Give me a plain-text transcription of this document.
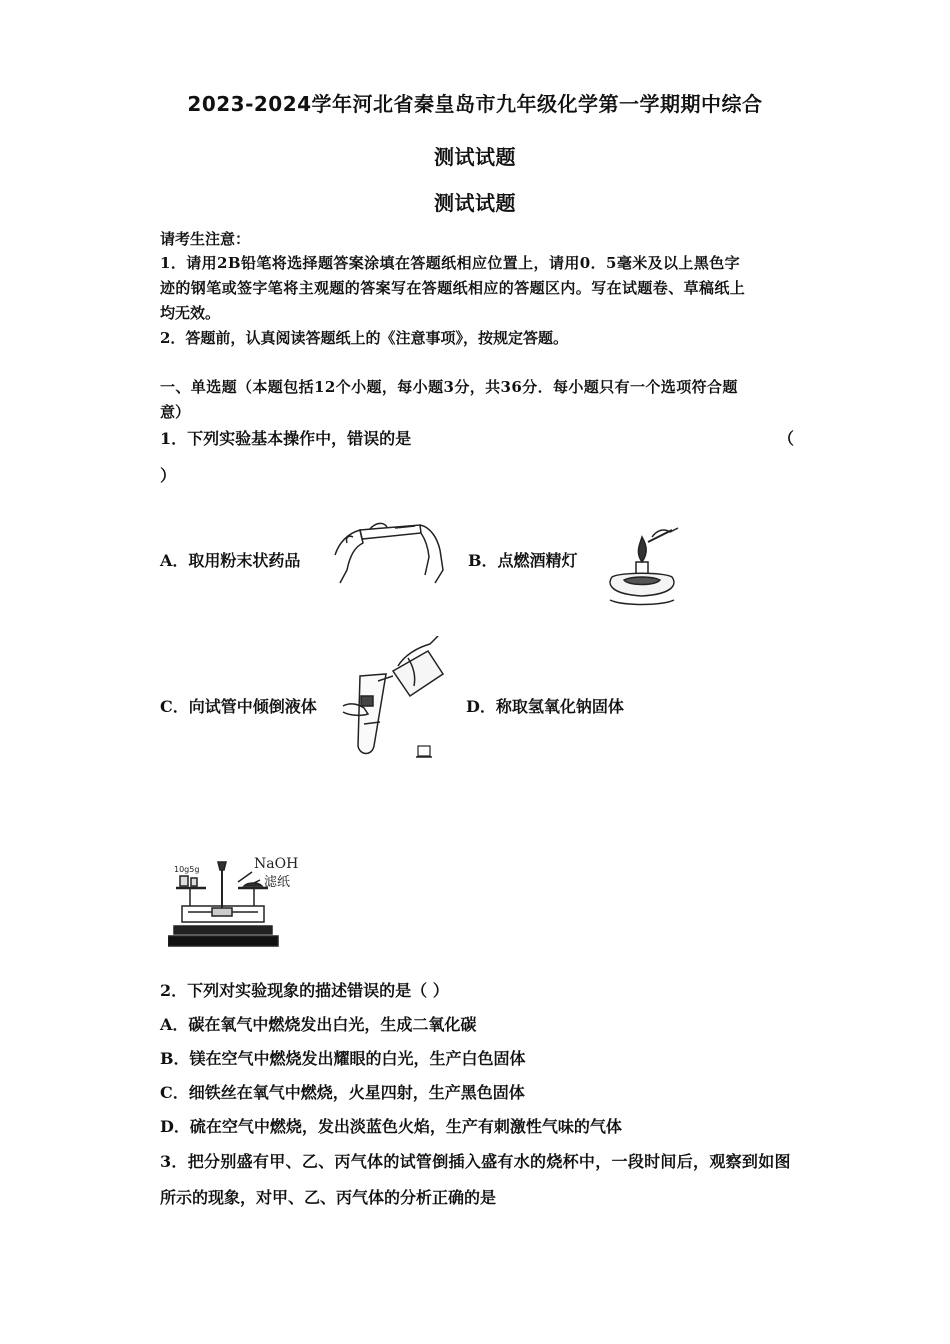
2023-2024学年河北省秦皇岛市九年级化学第一学期期中综合
测试试题
测试试题
请考生注意：
1．请用2B铅笔将选择题答案涂填在答题纸相应位置上，请用0．5毫米及以上黑色字
迹的钢笔或签字笔将主观题的答案写在答题纸相应的答题区内。写在试题卷、草稿纸上
均无效。
2．答题前，认真阅读答题纸上的《注意事项》，按规定答题。
一、单选题（本题包括12个小题，每小题3分，共36分．每小题只有一个选项符合题
意）
1．下列实验基本操作中，错误的是	（
）
A．取用粉末状药品	B．点燃酒精灯
C．向试管中倾倒液体	D．称取氢氧化钠固体
10g5g	NaOH
滤纸
2．下列对实验现象的描述错误的是（ ）
A．碳在氧气中燃烧发出白光，生成二氧化碳
B．镁在空气中燃烧发出耀眼的白光，生产白色固体
C．细铁丝在氧气中燃烧，火星四射，生产黑色固体
D．硫在空气中燃烧，发出淡蓝色火焰，生产有刺激性气味的气体
3．把分别盛有甲、乙、丙气体的试管倒插入盛有水的烧杯中，一段时间后，观察到如图
所示的现象，对甲、乙、丙气体的分析正确的是
